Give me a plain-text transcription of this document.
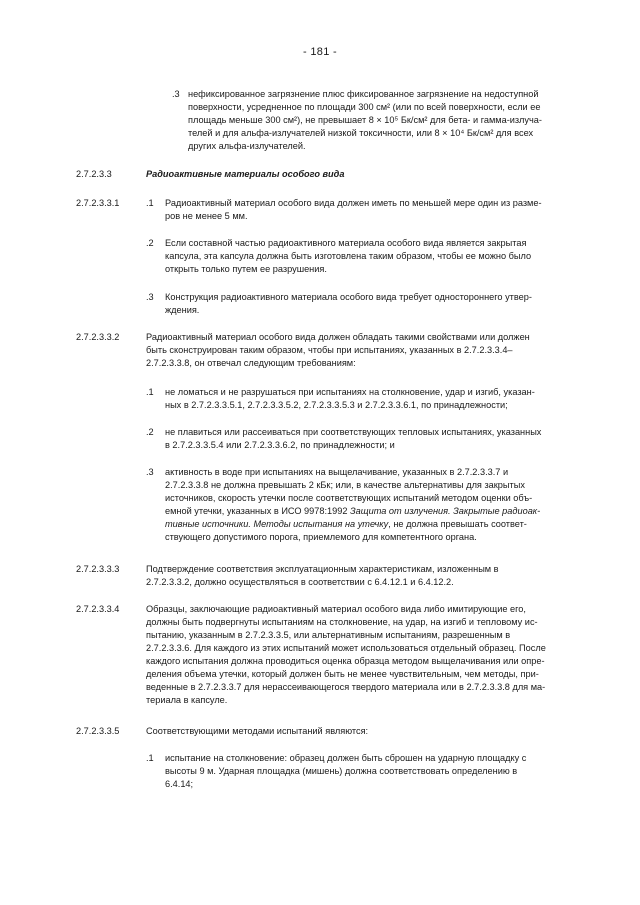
- 181 -
.3 нефиксированное загрязнение плюс фиксированное загрязнение на недоступной
поверхности, усредненное по площади 300 см² (или по всей поверхности, если ее
площадь меньше 300 см²), не превышает 8 × 10⁵ Бк/см² для бета- и гамма-излуча-
телей и для альфа-излучателей низкой токсичности, или 8 × 10⁴ Бк/см² для всех
других альфа-излучателей.
2.7.2.3.3	Радиоактивные материалы особого вида
2.7.2.3.3.1	.1 Радиоактивный материал особого вида должен иметь по меньшей мере один из разме-
ров не менее 5 мм.
.2 Если составной частью радиоактивного материала особого вида является закрытая
капсула, эта капсула должна быть изготовлена таким образом, чтобы ее можно было
открыть только путем ее разрушения.
.3 Конструкция радиоактивного материала особого вида требует одностороннего утвер-
ждения.
2.7.2.3.3.2	Радиоактивный материал особого вида должен обладать такими свойствами или должен
быть сконструирован таким образом, чтобы при испытаниях, указанных в 2.7.2.3.3.4–
2.7.2.3.3.8, он отвечал следующим требованиям:
.1 не ломаться и не разрушаться при испытаниях на столкновение, удар и изгиб, указан-
ных в 2.7.2.3.3.5.1, 2.7.2.3.3.5.2, 2.7.2.3.3.5.3 и 2.7.2.3.3.6.1, по принадлежности;
.2 не плавиться или рассеиваться при соответствующих тепловых испытаниях, указанных
в 2.7.2.3.3.5.4 или 2.7.2.3.3.6.2, по принадлежности; и
.3 активность в воде при испытаниях на выщелачивание, указанных в 2.7.2.3.3.7 и
2.7.2.3.3.8 не должна превышать 2 кБк; или, в качестве альтернативы для закрытых
источников, скорость утечки после соответствующих испытаний методом оценки объ-
емной утечки, указанных в ИСО 9978:1992 Защита от излучения. Закрытые радиоак-
тивные источники. Методы испытания на утечку, не должна превышать соответ-
ствующего допустимого порога, приемлемого для компетентного органа.
2.7.2.3.3.3	Подтверждение соответствия эксплуатационным характеристикам, изложенным в
2.7.2.3.3.2, должно осуществляться в соответствии с 6.4.12.1 и 6.4.12.2.
2.7.2.3.3.4	Образцы, заключающие радиоактивный материал особого вида либо имитирующие его,
должны быть подвергнуты испытаниям на столкновение, на удар, на изгиб и тепловому ис-
пытанию, указанным в 2.7.2.3.3.5, или альтернативным испытаниям, разрешенным в
2.7.2.3.3.6. Для каждого из этих испытаний может использоваться отдельный образец. После
каждого испытания должна проводиться оценка образца методом выщелачивания или опре-
деления объема утечки, который должен быть не менее чувствительным, чем методы, при-
веденные в 2.7.2.3.3.7 для нерассеивающегося твердого материала или в 2.7.2.3.3.8 для ма-
териала в капсуле.
2.7.2.3.3.5	Соответствующими методами испытаний являются:
.1 испытание на столкновение: образец должен быть сброшен на ударную площадку с
высоты 9 м. Ударная площадка (мишень) должна соответствовать определению в
6.4.14;
